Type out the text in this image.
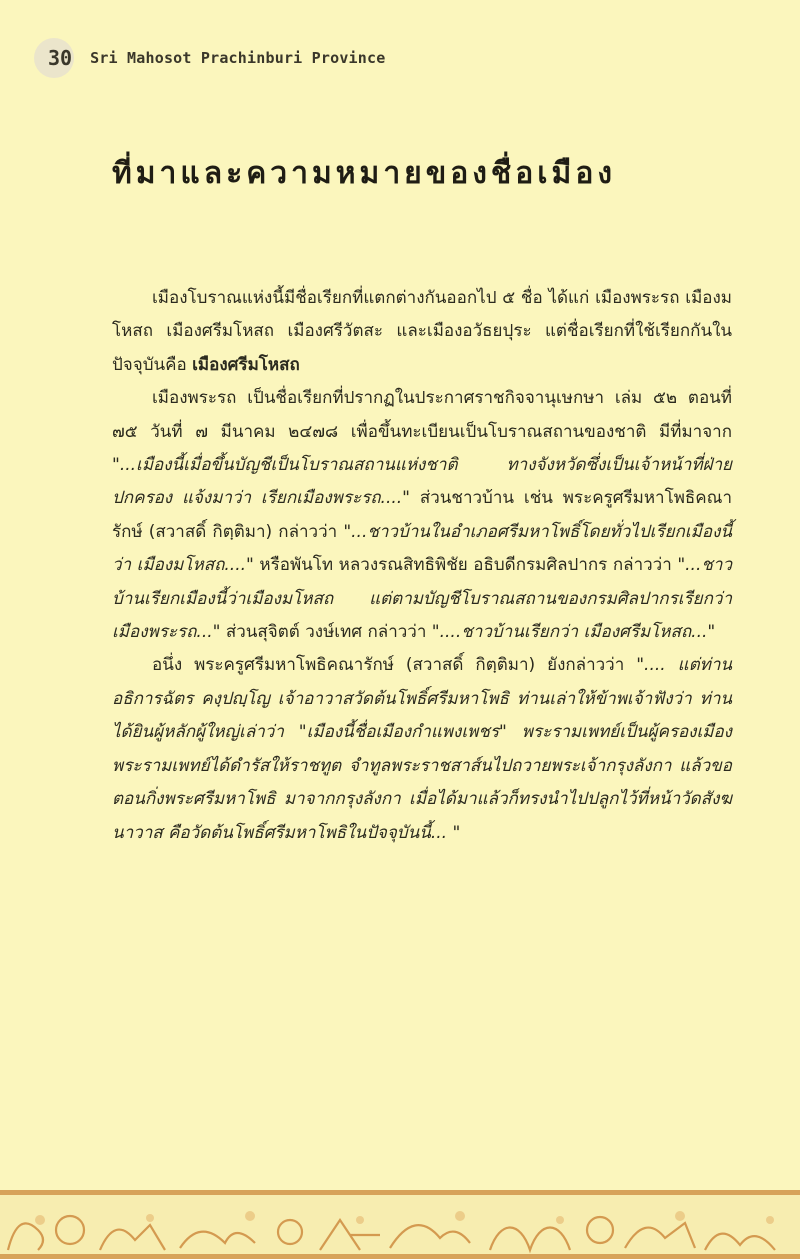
30 Sri Mahosot Prachinburi Province
ที่มาและความหมายของชื่อเมือง

เมืองโบราณแห่งนี้มีชื่อเรียกที่แตกต่างกันออกไป ๕ ชื่อ ได้แก่ เมืองพระรถ เมืองมโหสถ เมืองศรีมโหสถ เมืองศรีวัตสะ และเมืองอวัธยปุระ แต่ชื่อเรียกที่ใช้เรียกกันในปัจจุบันคือ เมืองศรีมโหสถ

เมืองพระรถ เป็นชื่อเรียกที่ปรากฏในประกาศราชกิจจานุเษกษา เล่ม ๕๒ ตอนที่ ๗๕ วันที่ ๗ มีนาคม ๒๔๗๘ เพื่อขึ้นทะเบียนเป็นโบราณสถานของชาติ มีที่มาจาก "...เมืองนี้เมื่อขึ้นบัญชีเป็นโบราณสถานแห่งชาติ ทางจังหวัดซึ่งเป็นเจ้าหน้าที่ฝ่ายปกครอง แจ้งมาว่า เรียกเมืองพระรถ...." ส่วนชาวบ้าน เช่น พระครูศรีมหาโพธิคณารักษ์ (สวาสดิ์ กิตฺติมา) กล่าวว่า "...ชาวบ้านในอำเภอศรีมหาโพธิ์โดยทั่วไปเรียกเมืองนี้ว่า เมืองมโหสถ...." หรือพันโท หลวงรณสิทธิพิชัย อธิบดีกรมศิลปากร กล่าวว่า "...ชาวบ้านเรียกเมืองนี้ว่าเมืองมโหสถ แต่ตามบัญชีโบราณสถานของกรมศิลปากรเรียกว่าเมืองพระรถ..." ส่วนสุจิตต์ วงษ์เทศ กล่าวว่า "....ชาวบ้านเรียกว่า เมืองศรีมโหสถ..."

อนึ่ง พระครูศรีมหาโพธิคณารักษ์ (สวาสดิ์ กิตฺติมา) ยังกล่าวว่า ".... แต่ท่านอธิการฉัตร คงฺปญฺโญ เจ้าอาวาสวัดต้นโพธิ์ศรีมหาโพธิ ท่านเล่าให้ข้าพเจ้าฟังว่า ท่านได้ยินผู้หลักผู้ใหญ่เล่าว่า "เมืองนี้ชื่อเมืองกำแพงเพชร" พระรามเพทย์เป็นผู้ครองเมือง พระรามเพทย์ได้ดำรัสให้ราชทูต จำทูลพระราชสาส์นไปถวายพระเจ้ากรุงลังกา แล้วขอตอนกิ่งพระศรีมหาโพธิ มาจากกรุงลังกา เมื่อได้มาแล้วก็ทรงนำไปปลูกไว้ที่หน้าวัดสังฆนาวาส คือวัดต้นโพธิ์ศรีมหาโพธิในปัจจุบันนี้... "
